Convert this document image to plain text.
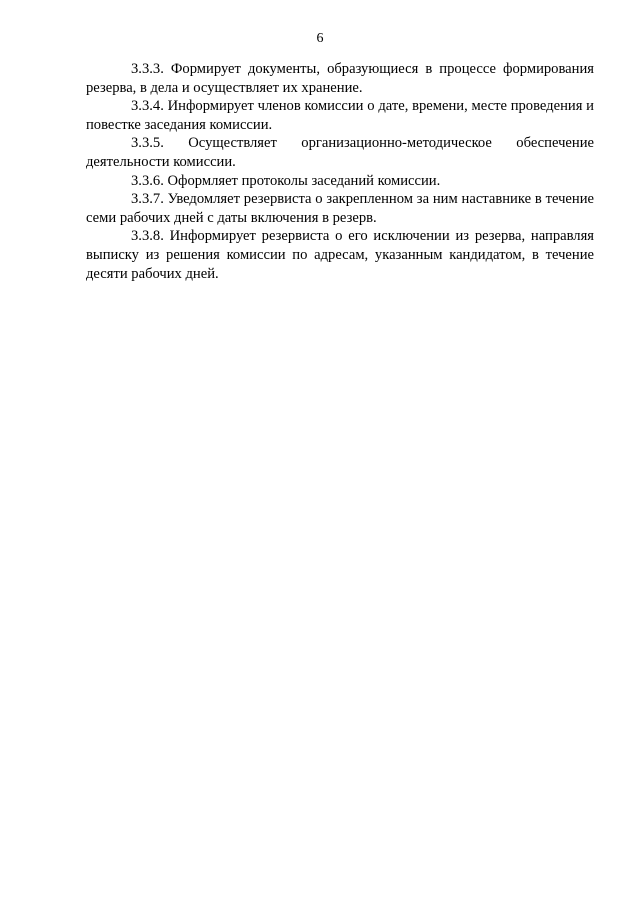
6

3.3.3. Формирует документы, образующиеся в процессе формирования резерва, в дела и осуществляет их хранение.

3.3.4. Информирует членов комиссии о дате, времени, месте проведения и повестке заседания комиссии.

3.3.5. Осуществляет организационно-методическое обеспечение деятельности комиссии.

3.3.6. Оформляет протоколы заседаний комиссии.

3.3.7. Уведомляет резервиста о закрепленном за ним наставнике в течение семи рабочих дней с даты включения в резерв.

3.3.8. Информирует резервиста о его исключении из резерва, направляя выписку из решения комиссии по адресам, указанным кандидатом, в течение десяти рабочих дней.
